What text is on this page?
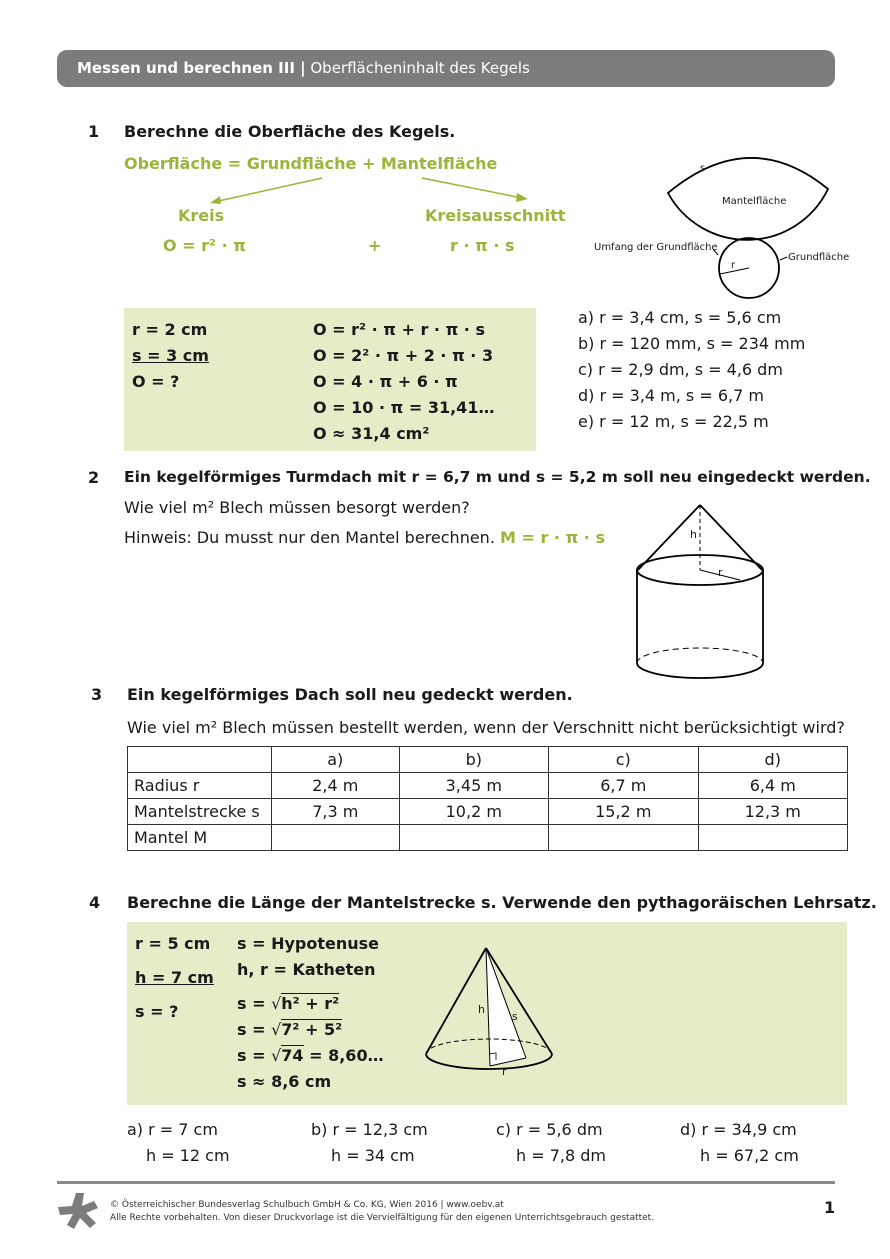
Messen und berechnen III | Oberflächeninhalt des Kegels
1 Berechne die Oberfläche des Kegels.
Oberfläche = Grundfläche + Mantelfläche
Kreis	Kreisausschnitt
O = r² · π	+	r · π · s
s
Mantelfläche
Umfang der Grundfläche
r
Grundfläche
r = 2 cm
s = 3 cm
O = ?
O = r² · π + r · π · s
O = 2² · π + 2 · π · 3
O = 4 · π + 6 · π
O = 10 · π = 31,41…
O ≈ 31,4 cm²
a) r = 3,4 cm, s = 5,6 cm
b) r = 120 mm, s = 234 mm
c) r = 2,9 dm, s = 4,6 dm
d) r = 3,4 m, s = 6,7 m
e) r = 12 m, s = 22,5 m
2 Ein kegelförmiges Turmdach mit r = 6,7 m und s = 5,2 m soll neu eingedeckt werden.
Wie viel m² Blech müssen besorgt werden?
Hinweis: Du musst nur den Mantel berechnen. M = r · π · s	h
r
3 Ein kegelförmiges Dach soll neu gedeckt werden.
Wie viel m² Blech müssen bestellt werden, wenn der Verschnitt nicht berücksichtigt wird?
	a)	b)	c)	d)
Radius r	2,4 m	3,45 m	6,7 m	6,4 m
Mantelstrecke s	7,3 m	10,2 m	15,2 m	12,3 m
Mantel M				
4 Berechne die Länge der Mantelstrecke s. Verwende den pythagoräischen Lehrsatz.
r = 5 cm
h = 7 cm
s = ?
s = Hypotenuse
h, r = Katheten
s = √h² + r²
s = √7² + 5²
s = √74 = 8,60…
s ≈ 8,6 cm
h
s
r
a) r = 7 cm
h = 12 cm
b) r = 12,3 cm
h = 34 cm
c) r = 5,6 dm
h = 7,8 dm
d) r = 34,9 cm
h = 67,2 cm
© Österreichischer Bundesverlag Schulbuch GmbH & Co. KG, Wien 2016 | www.oebv.at
Alle Rechte vorbehalten. Von dieser Druckvorlage ist die Vervielfältigung für den eigenen Unterrichtsgebrauch gestattet.
1
